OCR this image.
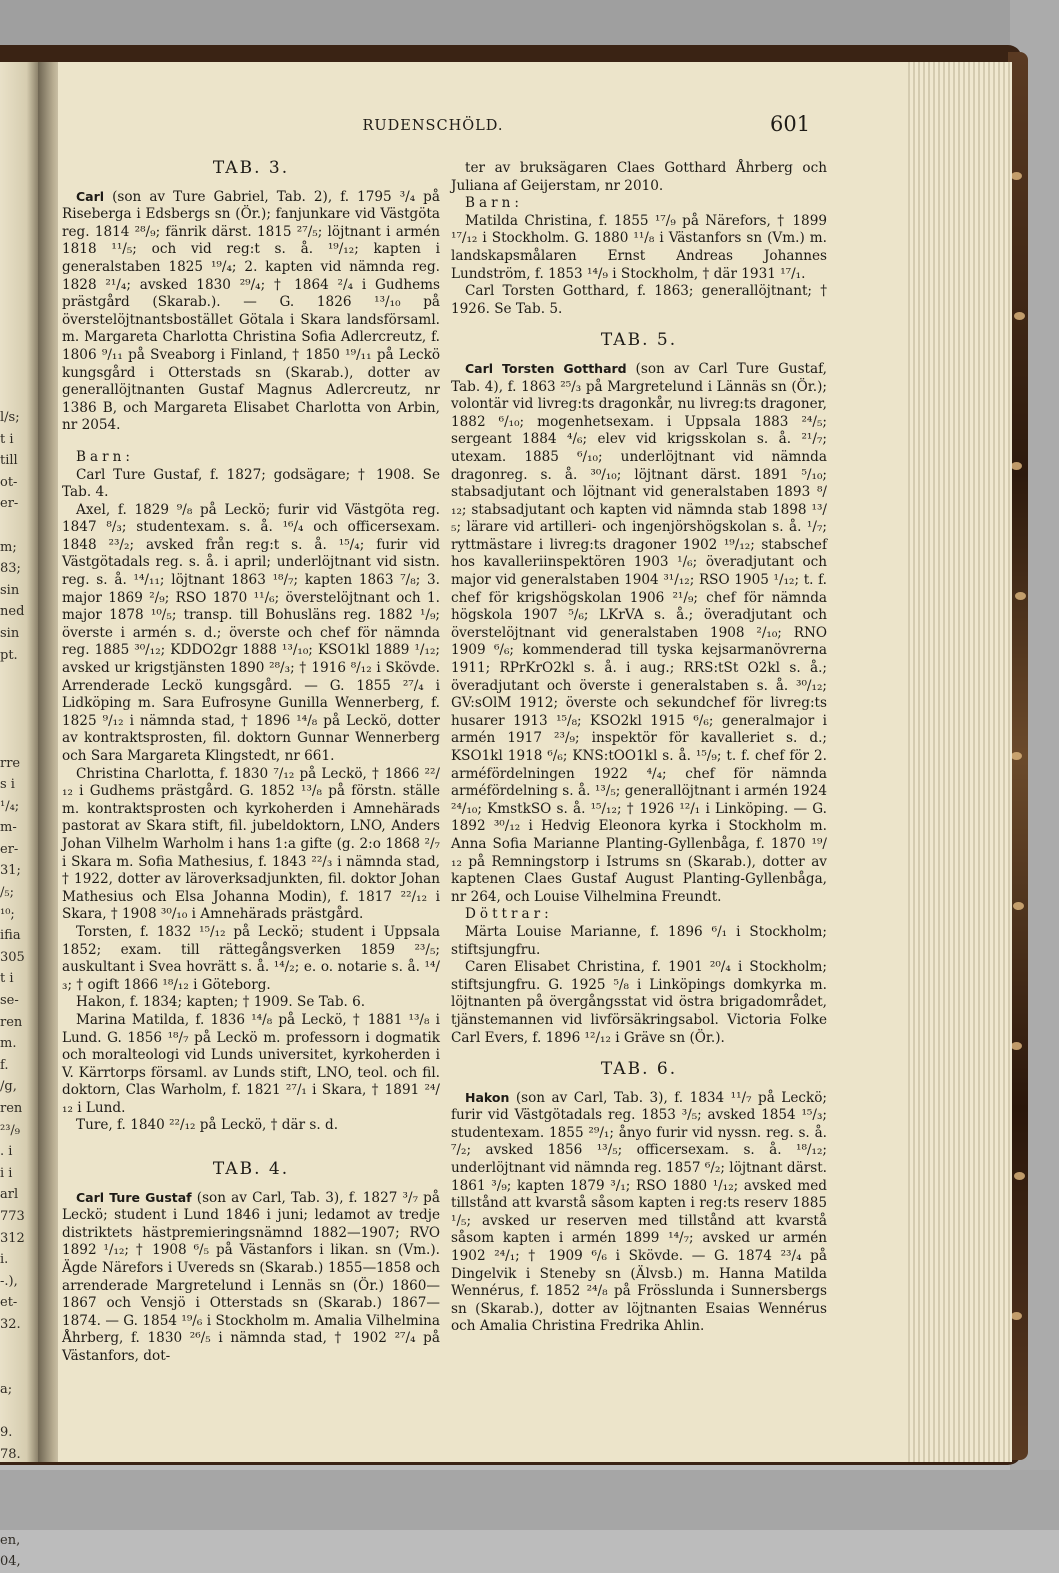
l/s;
t i
till
ot-
er-

m;
83;
sin
ned
sin
pt.

rre
s i
¹/₄;
m-
er-
31;
/₅;
¹⁰;
ifia
305
t i
se-
ren
m.
f.
/g,
ren
²³/₉
. i
i i
arl
773
312
i.
-.),
et-
32.

a;

9.
78.

en,
04,
RUDENSCHÖLD.	601
TAB. 3.

Carl (son av Ture Gabriel, Tab. 2), f. 1795 ³/₄ på Riseberga i Edsbergs sn (Ör.); fanjunkare vid Västgöta reg. 1814 ²⁸/₉; fänrik därst. 1815 ²⁷/₅; löjtnant i armén 1818 ¹¹/₅; och vid reg:t s. å. ¹⁹/₁₂; kapten i generalstaben 1825 ¹⁹/₄; 2. kapten vid nämnda reg. 1828 ²¹/₄; avsked 1830 ²⁹/₄; † 1864 ²/₄ i Gudhems prästgård (Skarab.). — G. 1826 ¹³/₁₀ på överstelöjtnantsbostället Götala i Skara landsförsaml. m. Margareta Charlotta Christina Sofia Adlercreutz, f. 1806 ⁹/₁₁ på Sveaborg i Finland, † 1850 ¹⁹/₁₁ på Leckö kungsgård i Otterstads sn (Skarab.), dotter av generallöjtnanten Gustaf Magnus Adlercreutz, nr 1386 B, och Margareta Elisabet Charlotta von Arbin, nr 2054.

Barn:

Carl Ture Gustaf, f. 1827; godsägare; † 1908. Se Tab. 4.

Axel, f. 1829 ⁹/₈ på Leckö; furir vid Västgöta reg. 1847 ⁸/₃; studentexam. s. å. ¹⁶/₄ och officersexam. 1848 ²³/₂; avsked från reg:t s. å. ¹⁵/₄; furir vid Västgötadals reg. s. å. i april; underlöjtnant vid sistn. reg. s. å. ¹⁴/₁₁; löjtnant 1863 ¹⁸/₇; kapten 1863 ⁷/₈; 3. major 1869 ²/₉; RSO 1870 ¹¹/₆; överstelöjtnant och 1. major 1878 ¹⁰/₅; transp. till Bohusläns reg. 1882 ¹/₉; överste i armén s. d.; överste och chef för nämnda reg. 1885 ³⁰/₁₂; KDDO2gr 1888 ¹³/₁₀; KSO1kl 1889 ¹/₁₂; avsked ur krigstjänsten 1890 ²⁸/₃; † 1916 ⁸/₁₂ i Skövde. Arrenderade Leckö kungsgård. — G. 1855 ²⁷/₄ i Lidköping m. Sara Eufrosyne Gunilla Wennerberg, f. 1825 ⁹/₁₂ i nämnda stad, † 1896 ¹⁴/₈ på Leckö, dotter av kontraktsprosten, fil. doktorn Gunnar Wennerberg och Sara Margareta Klingstedt, nr 661.

Christina Charlotta, f. 1830 ⁷/₁₂ på Leckö, † 1866 ²²/₁₂ i Gudhems prästgård. G. 1852 ¹³/₈ på förstn. ställe m. kontraktsprosten och kyrkoherden i Amnehärads pastorat av Skara stift, fil. jubeldoktorn, LNO, Anders Johan Vilhelm Warholm i hans 1:a gifte (g. 2:o 1868 ²/₇ i Skara m. Sofia Mathesius, f. 1843 ²²/₃ i nämnda stad, † 1922, dotter av läroverksadjunkten, fil. doktor Johan Mathesius och Elsa Johanna Modin), f. 1817 ²²/₁₂ i Skara, † 1908 ³⁰/₁₀ i Amnehärads prästgård.

Torsten, f. 1832 ¹⁵/₁₂ på Leckö; student i Uppsala 1852; exam. till rättegångsverken 1859 ²³/₅; auskultant i Svea hovrätt s. å. ¹⁴/₂; e. o. notarie s. å. ¹⁴/₃; † ogift 1866 ¹⁸/₁₂ i Göteborg.

Hakon, f. 1834; kapten; † 1909. Se Tab. 6.

Marina Matilda, f. 1836 ¹⁴/₈ på Leckö, † 1881 ¹³/₈ i Lund. G. 1856 ¹⁸/₇ på Leckö m. professorn i dogmatik och moralteologi vid Lunds universitet, kyrkoherden i V. Kärrtorps församl. av Lunds stift, LNO, teol. och fil. doktorn, Clas Warholm, f. 1821 ²⁷/₁ i Skara, † 1891 ²⁴/₁₂ i Lund.

Ture, f. 1840 ²²/₁₂ på Leckö, † där s. d.

TAB. 4.

Carl Ture Gustaf (son av Carl, Tab. 3), f. 1827 ³/₇ på Leckö; student i Lund 1846 i juni; ledamot av tredje distriktets hästpremieringsnämnd 1882—1907; RVO 1892 ¹/₁₂; † 1908 ⁶/₅ på Västanfors i likan. sn (Vm.). Ägde Närefors i Uvereds sn (Skarab.) 1855—1858 och arrenderade Margretelund i Lennäs sn (Ör.) 1860—1867 och Vensjö i Otterstads sn (Skarab.) 1867—1874. — G. 1854 ¹⁹/₆ i Stockholm m. Amalia Vilhelmina Åhrberg, f. 1830 ²⁶/₅ i nämnda stad, † 1902 ²⁷/₄ på Västanfors, dot-

ter av bruksägaren Claes Gotthard Åhrberg och Juliana af Geijerstam, nr 2010.

Barn:

Matilda Christina, f. 1855 ¹⁷/₉ på Närefors, † 1899 ¹⁷/₁₂ i Stockholm. G. 1880 ¹¹/₈ i Västanfors sn (Vm.) m. landskapsmålaren Ernst Andreas Johannes Lundström, f. 1853 ¹⁴/₉ i Stockholm, † där 1931 ¹⁷/₁.

Carl Torsten Gotthard, f. 1863; generallöjtnant; † 1926. Se Tab. 5.

TAB. 5.

Carl Torsten Gotthard (son av Carl Ture Gustaf, Tab. 4), f. 1863 ²⁵/₃ på Margretelund i Lännäs sn (Ör.); volontär vid livreg:ts dragonkår, nu livreg:ts dragoner, 1882 ⁶/₁₀; mogenhetsexam. i Uppsala 1883 ²⁴/₅; sergeant 1884 ⁴/₆; elev vid krigsskolan s. å. ²¹/₇; utexam. 1885 ⁶/₁₀; underlöjtnant vid nämnda dragonreg. s. å. ³⁰/₁₀; löjtnant därst. 1891 ⁵/₁₀; stabsadjutant och löjtnant vid generalstaben 1893 ⁸/₁₂; stabsadjutant och kapten vid nämnda stab 1898 ¹³/₅; lärare vid artilleri- och ingenjörshögskolan s. å. ¹/₇; ryttmästare i livreg:ts dragoner 1902 ¹⁹/₁₂; stabschef hos kavalleriinspektören 1903 ¹/₆; överadjutant och major vid generalstaben 1904 ³¹/₁₂; RSO 1905 ¹/₁₂; t. f. chef för krigshögskolan 1906 ²¹/₉; chef för nämnda högskola 1907 ⁵/₆; LKrVA s. å.; överadjutant och överstelöjtnant vid generalstaben 1908 ²/₁₀; RNO 1909 ⁶/₆; kommenderad till tyska kejsarmanövrerna 1911; RPrKrO2kl s. å. i aug.; RRS:tSt O2kl s. å.; överadjutant och överste i generalstaben s. å. ³⁰/₁₂; GV:sOlM 1912; överste och sekundchef för livreg:ts husarer 1913 ¹⁵/₈; KSO2kl 1915 ⁶/₆; generalmajor i armén 1917 ²³/₉; inspektör för kavalleriet s. d.; KSO1kl 1918 ⁶/₆; KNS:tOO1kl s. å. ¹⁵/₉; t. f. chef för 2. arméfördelningen 1922 ⁴/₄; chef för nämnda arméfördelning s. å. ¹³/₅; generallöjtnant i armén 1924 ²⁴/₁₀; KmstkSO s. å. ¹⁵/₁₂; † 1926 ¹²/₁ i Linköping. — G. 1892 ³⁰/₁₂ i Hedvig Eleonora kyrka i Stockholm m. Anna Sofia Marianne Planting-Gyllenbåga, f. 1870 ¹⁹/₁₂ på Remningstorp i Istrums sn (Skarab.), dotter av kaptenen Claes Gustaf August Planting-Gyllenbåga, nr 264, och Louise Vilhelmina Freundt.

Döttrar:

Märta Louise Marianne, f. 1896 ⁶/₁ i Stockholm; stiftsjungfru.

Caren Elisabet Christina, f. 1901 ²⁰/₄ i Stockholm; stiftsjungfru. G. 1925 ⁵/₈ i Linköpings domkyrka m. löjtnanten på övergångsstat vid östra brigadområdet, tjänstemannen vid livförsäkringsabol. Victoria Folke Carl Evers, f. 1896 ¹²/₁₂ i Gräve sn (Ör.).

TAB. 6.

Hakon (son av Carl, Tab. 3), f. 1834 ¹¹/₇ på Leckö; furir vid Västgötadals reg. 1853 ³/₅; avsked 1854 ¹⁵/₃; studentexam. 1855 ²⁹/₁; ånyo furir vid nyssn. reg. s. å. ⁷/₂; avsked 1856 ¹³/₅; officersexam. s. å. ¹⁸/₁₂; underlöjtnant vid nämnda reg. 1857 ⁶/₂; löjtnant därst. 1861 ³/₉; kapten 1879 ³/₁; RSO 1880 ¹/₁₂; avsked med tillstånd att kvarstå såsom kapten i reg:ts reserv 1885 ¹/₅; avsked ur reserven med tillstånd att kvarstå såsom kapten i armén 1899 ¹⁴/₇; avsked ur armén 1902 ²⁴/₁; † 1909 ⁶/₆ i Skövde. — G. 1874 ²³/₄ på Dingelvik i Steneby sn (Älvsb.) m. Hanna Matilda Wennérus, f. 1852 ²⁴/₈ på Frösslunda i Sunnersbergs sn (Skarab.), dotter av löjtnanten Esaias Wennérus och Amalia Christina Fredrika Ahlin.
